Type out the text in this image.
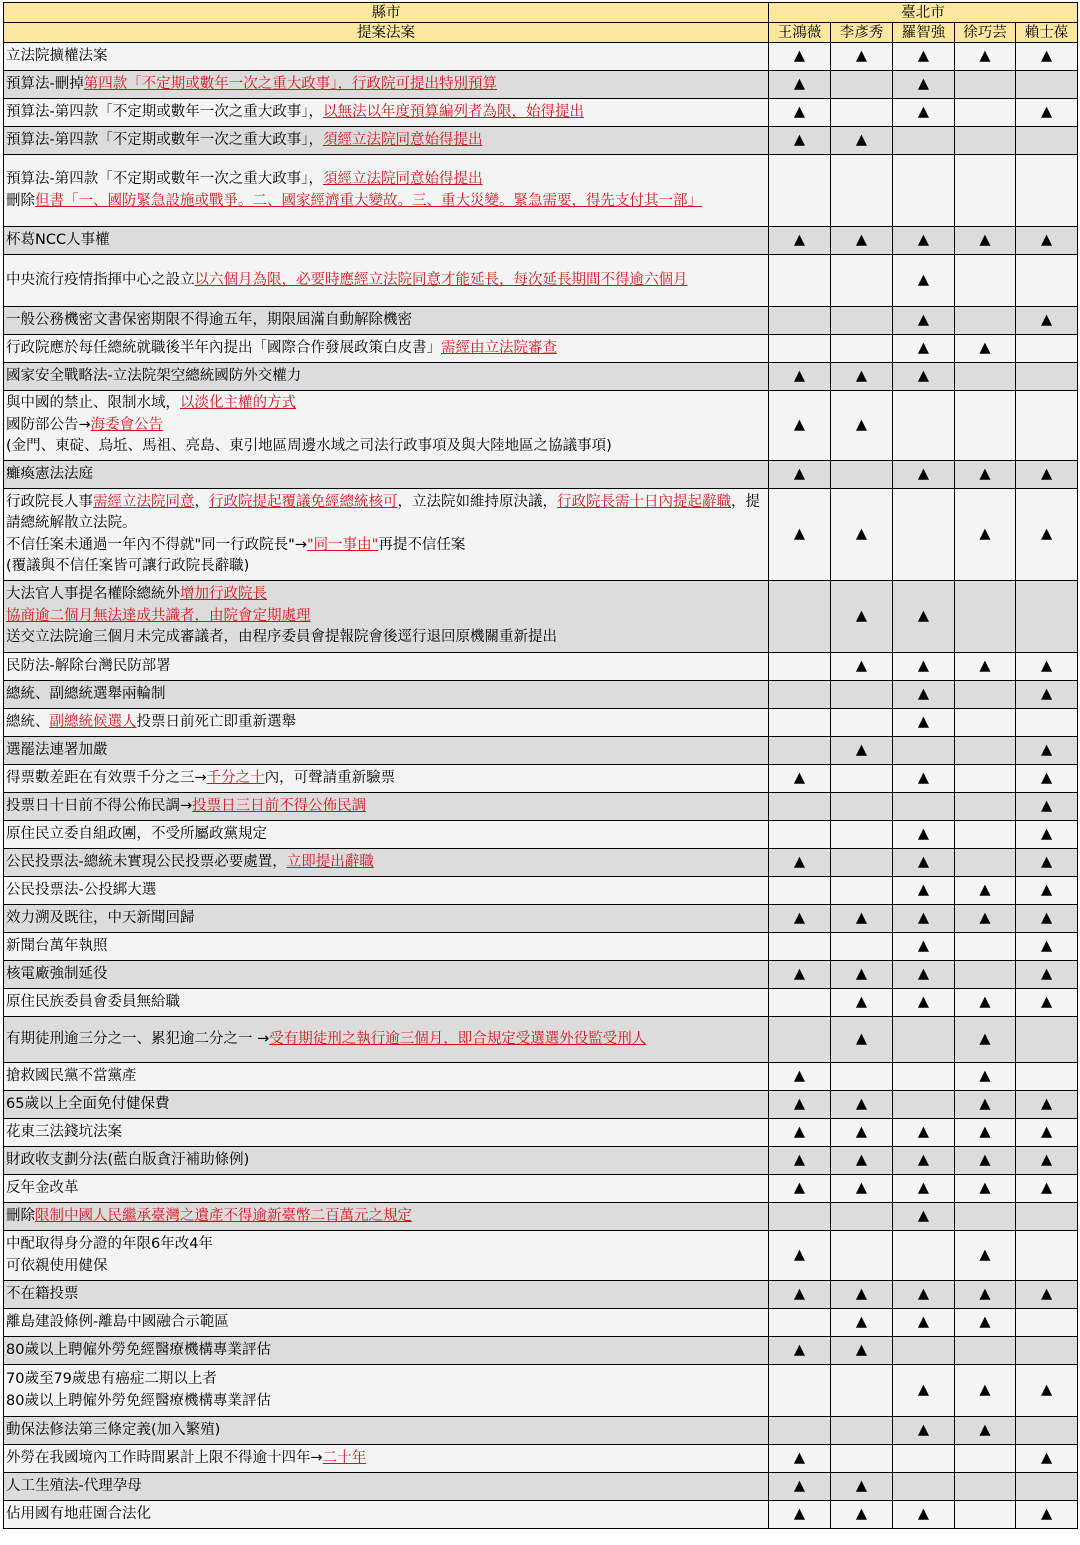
縣市	臺北市				
提案法案	王鴻薇	李彥秀	羅智強	徐巧芸	賴士葆

立法院擴權法案	▲	▲	▲	▲	▲

預算法-刪掉第四款「不定期或數年一次之重大政事」，行政院可提出特別預算	▲		▲		

預算法-第四款「不定期或數年一次之重大政事」，以無法以年度預算編列者為限，始得提出	▲		▲		▲

預算法-第四款「不定期或數年一次之重大政事」，須經立法院同意始得提出	▲	▲			

預算法-第四款「不定期或數年一次之重大政事」，須經立法院同意始得提出
刪除但書「一、國防緊急設施或戰爭。二、國家經濟重大變故。三、重大災變。緊急需要，得先支付其一部」					

杯葛NCC人事權	▲	▲	▲	▲	▲

中央流行疫情指揮中心之設立以六個月為限，必要時應經立法院同意才能延長，每次延長期間不得逾六個月			▲		

一般公務機密文書保密期限不得逾五年，期限屆滿自動解除機密			▲		▲

行政院應於每任總統就職後半年內提出「國際合作發展政策白皮書」需經由立法院審查			▲	▲	

國家安全戰略法-立法院架空總統國防外交權力	▲	▲	▲		

與中國的禁止、限制水域，以淡化主權的方式
國防部公告→海委會公告
(金門、東碇、烏坵、馬祖、亮島、東引地區周邊水域之司法行政事項及與大陸地區之協議事項)	▲	▲			

癱瘓憲法法庭	▲		▲	▲	▲

行政院長人事需經立法院同意，行政院提起覆議免經總統核可，立法院如維持原決議，行政院長需十日內提起辭職，提請總統解散立法院。
不信任案未通過一年內不得就"同一行政院長"→"同一事由"再提不信任案
(覆議與不信任案皆可讓行政院長辭職)	▲	▲		▲	▲

大法官人事提名權除總統外增加行政院長
協商逾二個月無法達成共識者，由院會定期處理
送交立法院逾三個月未完成審議者，由程序委員會提報院會後逕行退回原機關重新提出		▲	▲		

民防法-解除台灣民防部署		▲	▲	▲	▲

總統、副總統選舉兩輪制			▲		▲

總統、副總統候選人投票日前死亡即重新選舉			▲		

選罷法連署加嚴		▲			▲

得票數差距在有效票千分之三→千分之十內，可聲請重新驗票	▲		▲		▲

投票日十日前不得公佈民調→投票日三日前不得公佈民調					▲

原住民立委自組政團，不受所屬政黨規定			▲		▲

公民投票法-總統未實現公民投票必要處置，立即提出辭職	▲		▲		▲

公民投票法-公投綁大選			▲	▲	▲

效力溯及既往，中天新聞回歸	▲	▲	▲	▲	▲

新聞台萬年執照			▲		▲

核電廠強制延役	▲	▲	▲		▲

原住民族委員會委員無給職		▲	▲	▲	▲

有期徒刑逾三分之一、累犯逾二分之一 →受有期徒刑之執行逾三個月，即合規定受選選外役監受刑人		▲		▲	

搶救國民黨不當黨產	▲			▲	

65歲以上全面免付健保費	▲	▲		▲	▲

花東三法錢坑法案	▲	▲	▲	▲	▲

財政收支劃分法(藍白版貪汙補助條例)	▲	▲	▲	▲	▲

反年金改革	▲	▲	▲	▲	▲

刪除限制中國人民繼承臺灣之遺產不得逾新臺幣二百萬元之規定			▲		

中配取得身分證的年限6年改4年
可依親使用健保	▲			▲	

不在籍投票	▲	▲	▲	▲	▲

離島建設條例-離島中國融合示範區		▲	▲	▲	

80歲以上聘僱外勞免經醫療機構專業評估	▲	▲			

70歲至79歲患有癌症二期以上者
80歲以上聘僱外勞免經醫療機構專業評估			▲	▲	▲

動保法修法第三條定義(加入繁殖)			▲	▲	

外勞在我國境內工作時間累計上限不得逾十四年→二十年	▲				▲

人工生殖法-代理孕母	▲	▲			

佔用國有地莊園合法化	▲	▲	▲		▲
